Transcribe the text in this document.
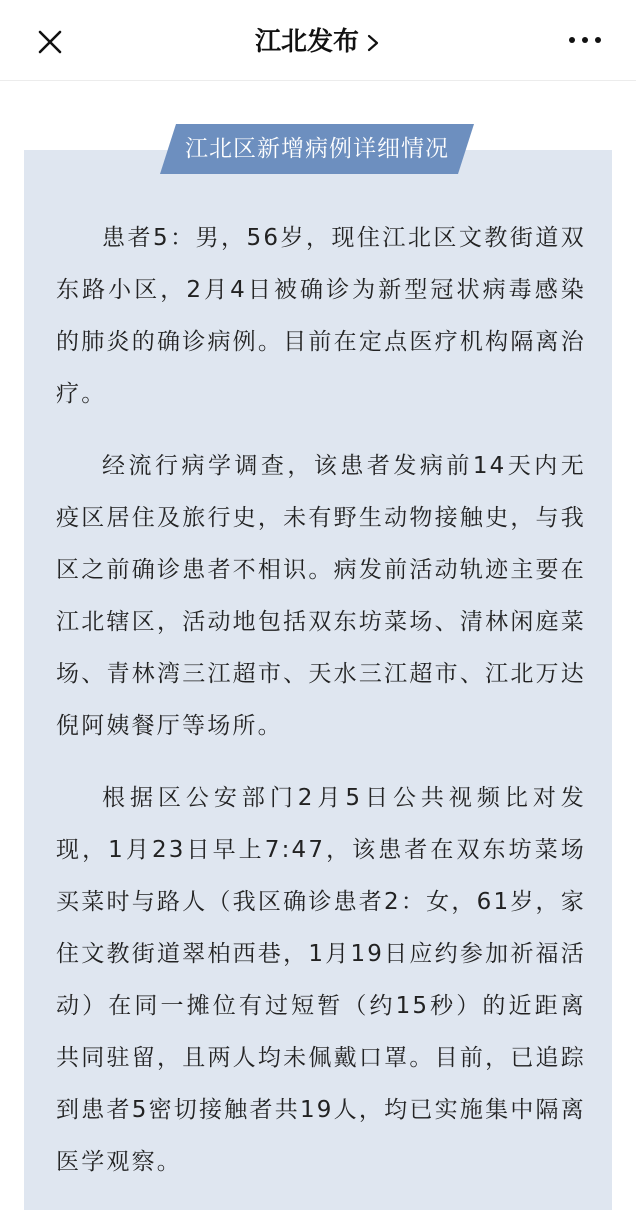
江北发布
江北区新增病例详细情况

患者5：男，56岁，现住江北区文教街道双东路小区，2月4日被确诊为新型冠状病毒感染的肺炎的确诊病例。目前在定点医疗机构隔离治疗。

经流行病学调查，该患者发病前14天内无疫区居住及旅行史，未有野生动物接触史，与我区之前确诊患者不相识。病发前活动轨迹主要在江北辖区，活动地包括双东坊菜场、清林闲庭菜场、青林湾三江超市、天水三江超市、江北万达倪阿姨餐厅等场所。

根据区公安部门2月5日公共视频比对发现，1月23日早上7:47，该患者在双东坊菜场买菜时与路人（我区确诊患者2：女，61岁，家住文教街道翠柏西巷，1月19日应约参加祈福活动）在同一摊位有过短暂（约15秒）的近距离共同驻留，且两人均未佩戴口罩。目前，已追踪到患者5密切接触者共19人，均已实施集中隔离医学观察。
